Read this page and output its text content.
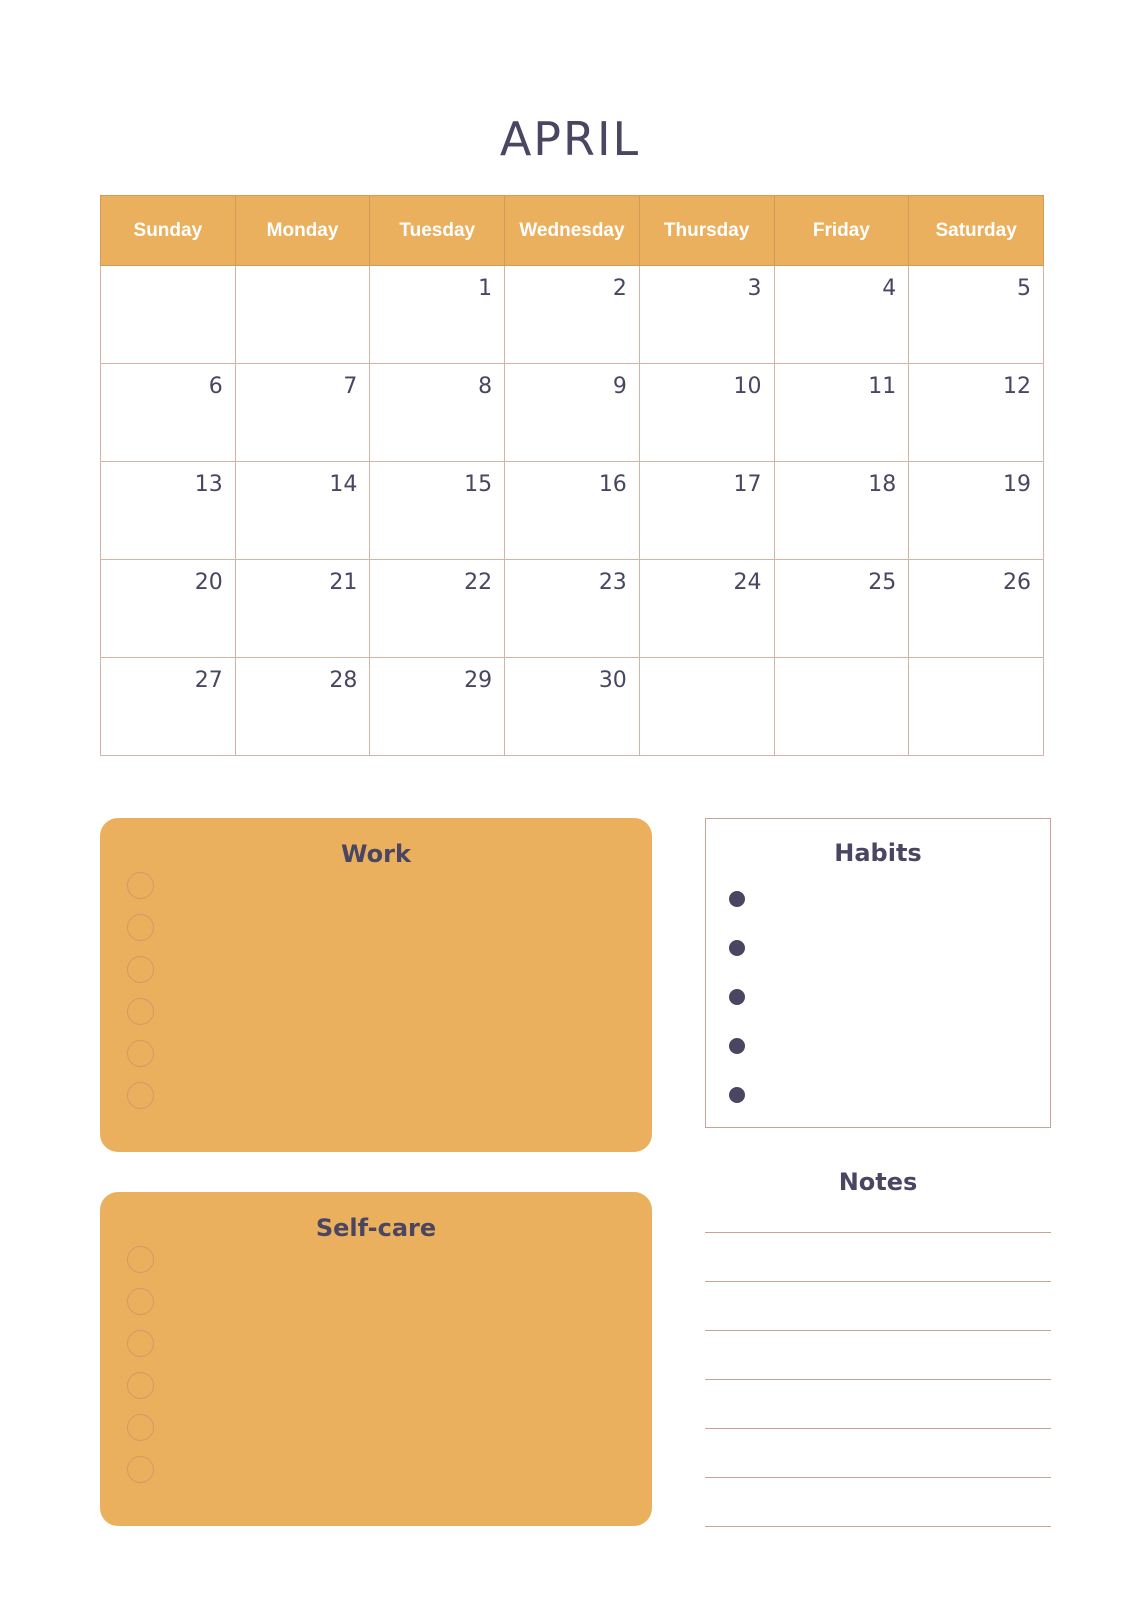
APRIL
Sunday	Monday	Tuesday	Wednesday	Thursday	Friday	Saturday
		1	2	3	4	5
6	7	8	9	10	11	12
13	14	15	16	17	18	19
20	21	22	23	24	25	26
27	28	29	30			
Work
Self-care
Habits
Notes
